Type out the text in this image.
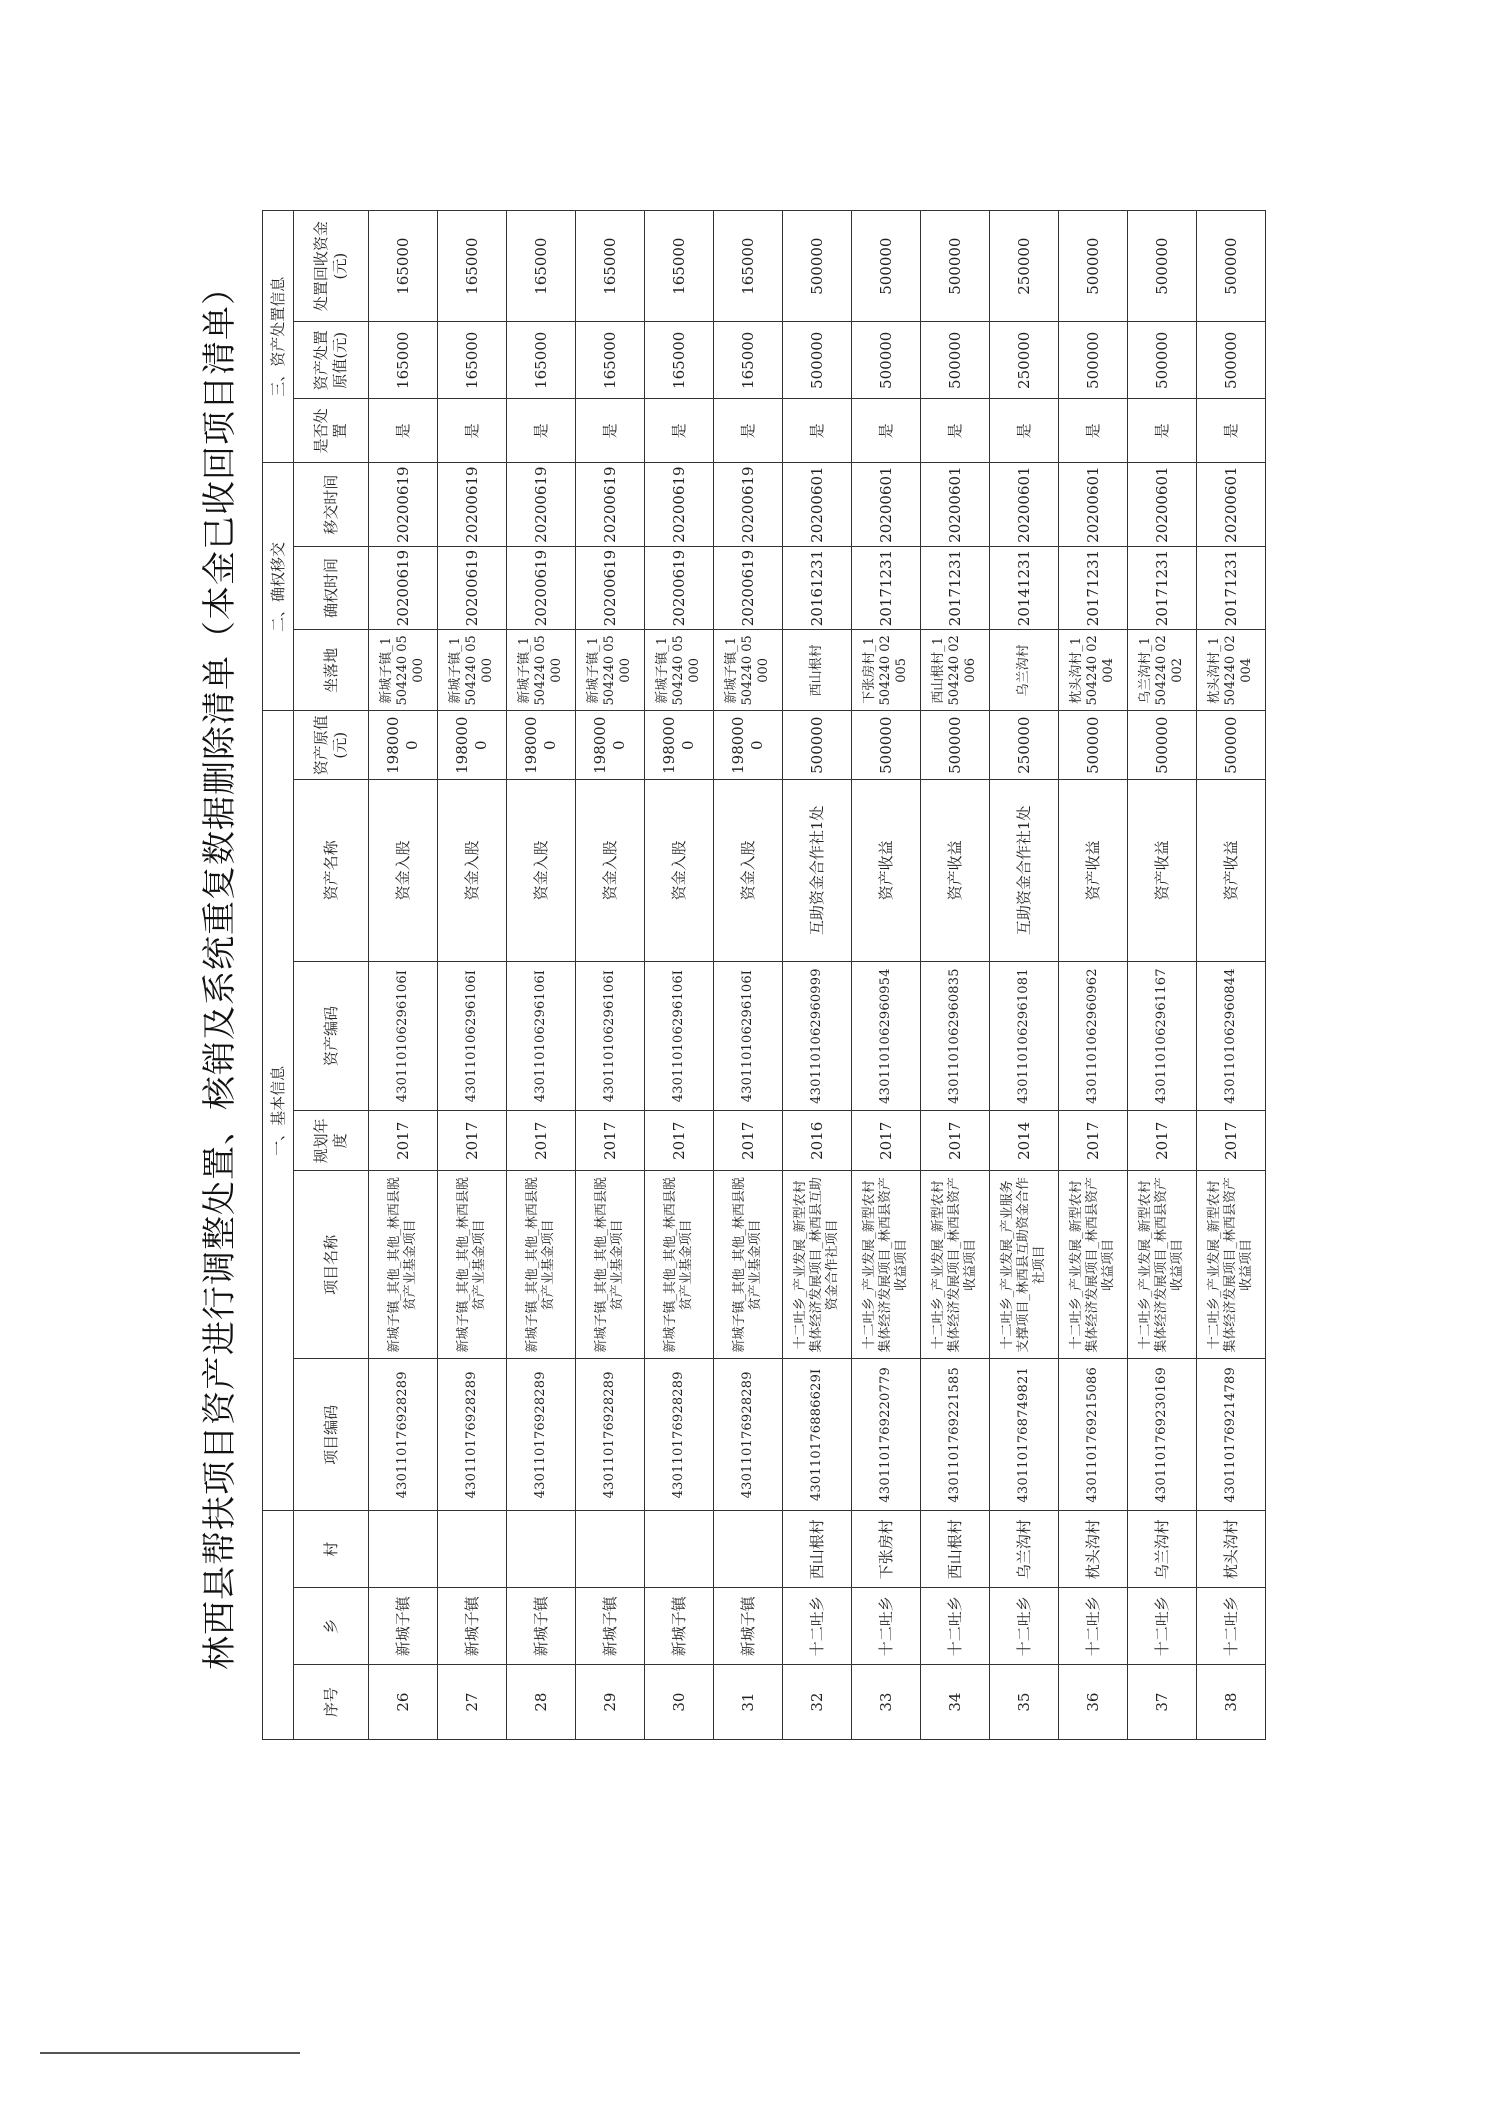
林西县帮扶项目资产进行调整处置、核销及系统重复数据删除清单（本金已收回项目清单）
			一、基本信息						二、确权移交			三、资产处置信息		
序号	乡	村	项目编码	项目名称	规划年度	资产编码	资产名称	资产原值(元)	坐落地	确权时间	移交时间	是否处置	资产处置原值(元)	处置回收资金(元)
26	新城子镇		430110176928289	新城子镇_其他_其他_林西县脱贫产业基金项目	2017	430110106296106I	资金入股	1980000	新城子镇_1504240 05000	20200619	20200619	是	165000	165000
27	新城子镇		430110176928289	新城子镇_其他_其他_林西县脱贫产业基金项目	2017	430110106296106I	资金入股	1980000	新城子镇_1504240 05000	20200619	20200619	是	165000	165000
28	新城子镇		430110176928289	新城子镇_其他_其他_林西县脱贫产业基金项目	2017	430110106296106I	资金入股	1980000	新城子镇_1504240 05000	20200619	20200619	是	165000	165000
29	新城子镇		430110176928289	新城子镇_其他_其他_林西县脱贫产业基金项目	2017	430110106296106I	资金入股	1980000	新城子镇_1504240 05000	20200619	20200619	是	165000	165000
30	新城子镇		430110176928289	新城子镇_其他_其他_林西县脱贫产业基金项目	2017	430110106296106I	资金入股	1980000	新城子镇_1504240 05000	20200619	20200619	是	165000	165000
31	新城子镇		430110176928289	新城子镇_其他_其他_林西县脱贫产业基金项目	2017	430110106296106I	资金入股	1980000	新城子镇_1504240 05000	20200619	20200619	是	165000	165000
32	十二吐乡	西山根村	430110176886629I	十二吐乡_产业发展_新型农村集体经济发展项目_林西县互助资金合作社项目	2016	4301101062960999	互助资金合作社1处	500000	西山根村	20161231	20200601	是	500000	500000
33	十二吐乡	下张房村	4301101769220779	十二吐乡_产业发展_新型农村集体经济发展项目_林西县资产收益项目	2017	4301101062960954	资产收益	500000	下张房村_1504240 02005	20171231	20200601	是	500000	500000
34	十二吐乡	西山根村	4301101769221585	十二吐乡_产业发展_新型农村集体经济发展项目_林西县资产收益项目	2017	4301101062960835	资产收益	500000	西山根村_1504240 02006	20171231	20200601	是	500000	500000
35	十二吐乡	乌兰沟村	4301101768749821	十二吐乡_产业发展_产业服务支撑项目_林西县互助资金合作社项目	2014	4301101062961081	互助资金合作社1处	250000	乌兰沟村	20141231	20200601	是	250000	250000
36	十二吐乡	枕头沟村	4301101769215086	十二吐乡_产业发展_新型农村集体经济发展项目_林西县资产收益项目	2017	4301101062960962	资产收益	500000	枕头沟村_1504240 02004	20171231	20200601	是	500000	500000
37	十二吐乡	乌兰沟村	4301101769230169	十二吐乡_产业发展_新型农村集体经济发展项目_林西县资产收益项目	2017	4301101062961167	资产收益	500000	乌兰沟村_1504240 02002	20171231	20200601	是	500000	500000
38	十二吐乡	枕头沟村	4301101769214789	十二吐乡_产业发展_新型农村集体经济发展项目_林西县资产收益项目	2017	4301101062960844	资产收益	500000	枕头沟村_1504240 02004	20171231	20200601	是	500000	500000
